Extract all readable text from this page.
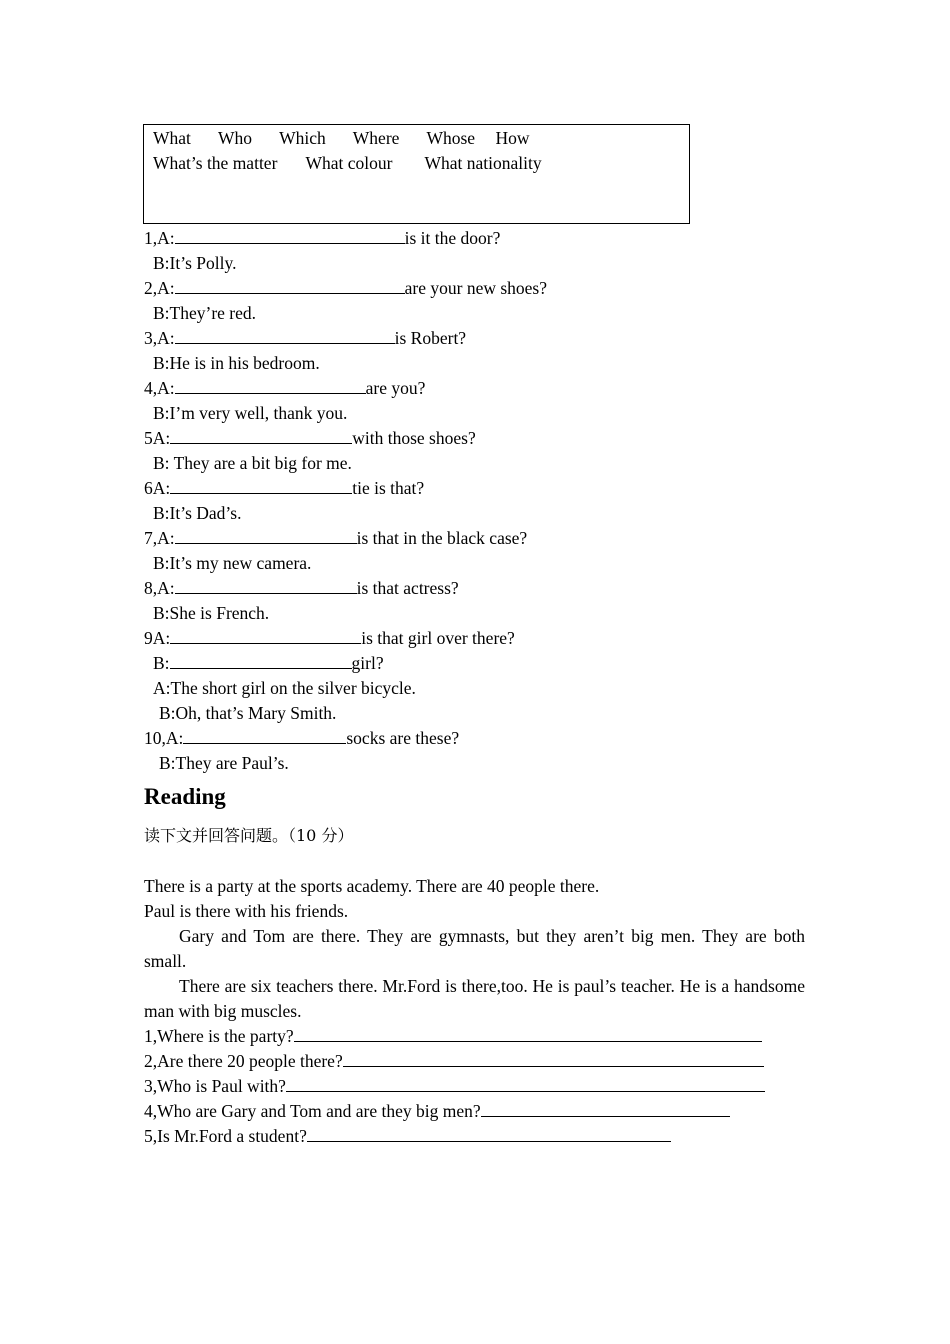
What Who Which Where Whose How
What’s the matter What colour What nationality
1,A:	is it the door?
B:It’s Polly.
2,A:	are your new shoes?
B:They’re red.
3,A:	is Robert?
B:He is in his bedroom.
4,A:	are you?
B:I’m very well, thank you.
5A:	with those shoes?
B: They are a bit big for me.
6A:	tie is that?
B:It’s Dad’s.
7,A:	is that in the black case?
B:It’s my new camera.
8,A:	is that actress?
B:She is French.
9A:	is that girl over there?
B:	girl?
A:The short girl on the silver bicycle.
B:Oh, that’s Mary Smith.
10,A:	socks are these?
B:They are Paul’s.
Reading
读下文并回答问题。（10 分）
There is a party at the sports academy. There are 40 people there.
Paul is there with his friends.
Gary and Tom are there. They are gymnasts, but they aren’t big men. They are both small.
There are six teachers there. Mr.Ford is there,too. He is paul’s teacher. He is a handsome man with big muscles.
1,Where is the party?
2,Are there 20 people there?
3,Who is Paul with?
4,Who are Gary and Tom and are they big men?
5,Is Mr.Ford a student?
